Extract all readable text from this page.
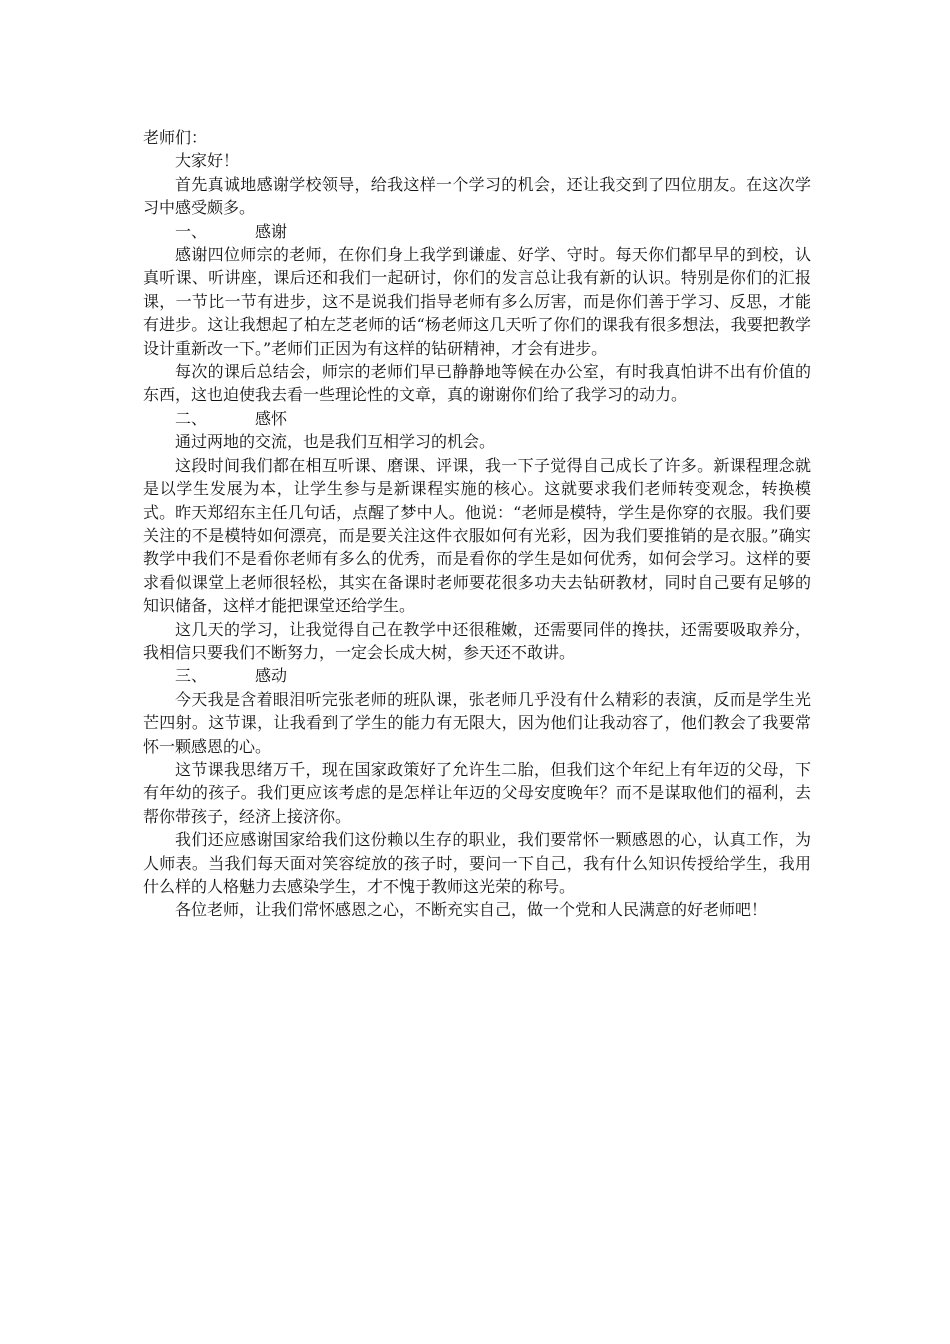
老师们：

大家好！

首先真诚地感谢学校领导，给我这样一个学习的机会，还让我交到了四位朋友。在这次学习中感受颇多。

一、	感谢

感谢四位师宗的老师，在你们身上我学到谦虚、好学、守时。每天你们都早早的到校，认真听课、听讲座，课后还和我们一起研讨，你们的发言总让我有新的认识。特别是你们的汇报课，一节比一节有进步，这不是说我们指导老师有多么厉害，而是你们善于学习、反思，才能有进步。这让我想起了柏左芝老师的话“杨老师这几天听了你们的课我有很多想法，我要把教学设计重新改一下。”老师们正因为有这样的钻研精神，才会有进步。

每次的课后总结会，师宗的老师们早已静静地等候在办公室，有时我真怕讲不出有价值的东西，这也迫使我去看一些理论性的文章，真的谢谢你们给了我学习的动力。

二、	感怀

通过两地的交流，也是我们互相学习的机会。

这段时间我们都在相互听课、磨课、评课，我一下子觉得自己成长了许多。新课程理念就是以学生发展为本，让学生参与是新课程实施的核心。这就要求我们老师转变观念，转换模式。昨天郑绍东主任几句话，点醒了梦中人。他说：“老师是模特，学生是你穿的衣服。我们要关注的不是模特如何漂亮，而是要关注这件衣服如何有光彩，因为我们要推销的是衣服。”确实教学中我们不是看你老师有多么的优秀，而是看你的学生是如何优秀，如何会学习。这样的要求看似课堂上老师很轻松，其实在备课时老师要花很多功夫去钻研教材，同时自己要有足够的知识储备，这样才能把课堂还给学生。

这几天的学习，让我觉得自己在教学中还很稚嫩，还需要同伴的搀扶，还需要吸取养分，我相信只要我们不断努力，一定会长成大树，参天还不敢讲。

三、	感动

今天我是含着眼泪听完张老师的班队课，张老师几乎没有什么精彩的表演，反而是学生光芒四射。这节课，让我看到了学生的能力有无限大，因为他们让我动容了，他们教会了我要常怀一颗感恩的心。

这节课我思绪万千，现在国家政策好了允许生二胎，但我们这个年纪上有年迈的父母，下有年幼的孩子。我们更应该考虑的是怎样让年迈的父母安度晚年？而不是谋取他们的福利，去帮你带孩子，经济上接济你。

我们还应感谢国家给我们这份赖以生存的职业，我们要常怀一颗感恩的心，认真工作，为人师表。当我们每天面对笑容绽放的孩子时，要问一下自己，我有什么知识传授给学生，我用什么样的人格魅力去感染学生，才不愧于教师这光荣的称号。

各位老师，让我们常怀感恩之心，不断充实自己，做一个党和人民满意的好老师吧！
